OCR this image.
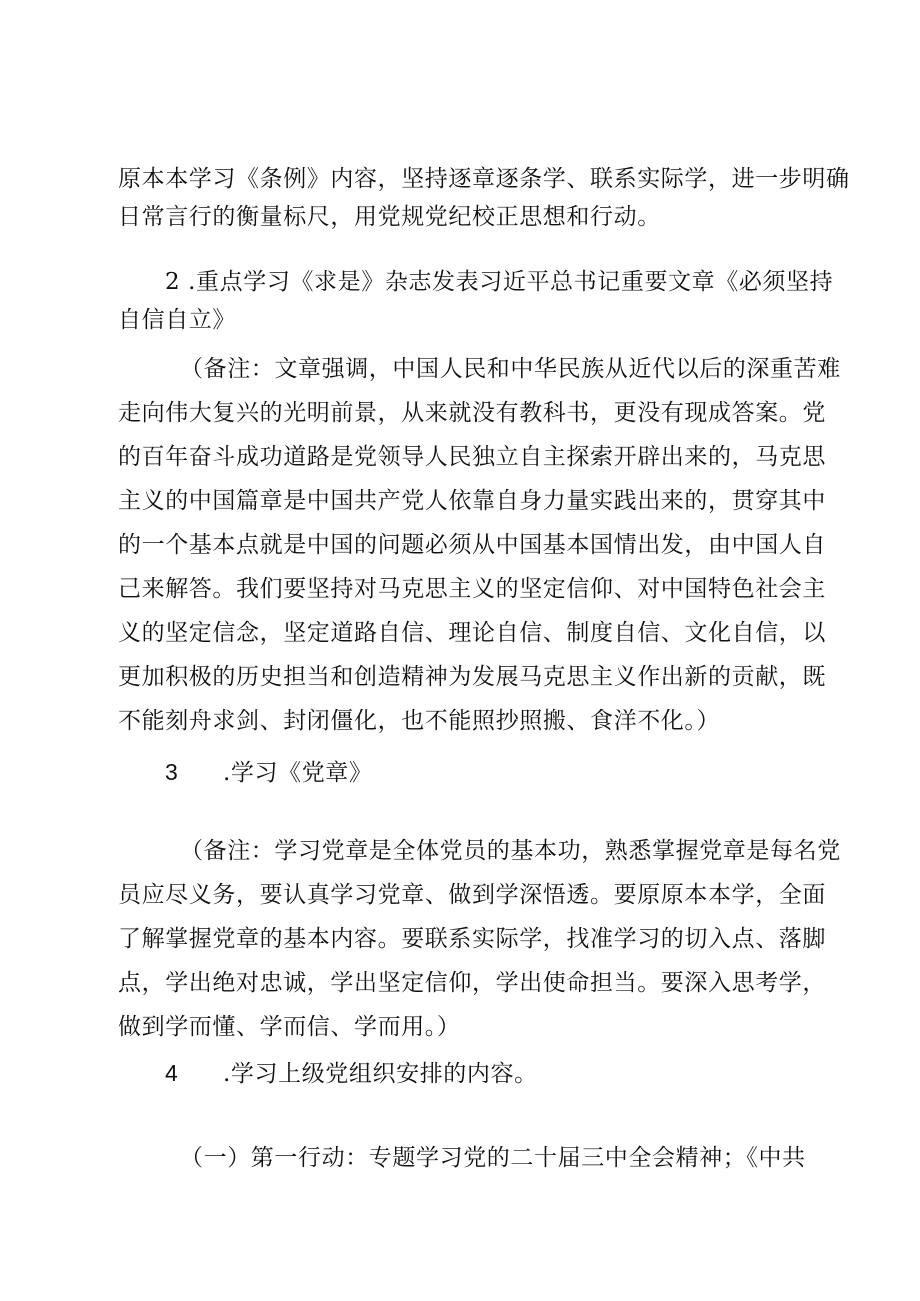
原本本学习《条例》内容，坚持逐章逐条学、联系实际学，进一步明确
日常言行的衡量标尺，用党规党纪校正思想和行动。
2 .重点学习《求是》杂志发表习近平总书记重要文章《必须坚持
自信自立》
（备注：文章强调，中国人民和中华民族从近代以后的深重苦难
走向伟大复兴的光明前景，从来就没有教科书，更没有现成答案。党
的百年奋斗成功道路是党领导人民独立自主探索开辟出来的，马克思
主义的中国篇章是中国共产党人依靠自身力量实践出来的，贯穿其中
的一个基本点就是中国的问题必须从中国基本国情出发，由中国人自
己来解答。我们要坚持对马克思主义的坚定信仰、对中国特色社会主
义的坚定信念，坚定道路自信、理论自信、制度自信、文化自信，以
更加积极的历史担当和创造精神为发展马克思主义作出新的贡献，既
不能刻舟求剑、封闭僵化，也不能照抄照搬、食洋不化。）
3 .学习《党章》
（备注：学习党章是全体党员的基本功，熟悉掌握党章是每名党
员应尽义务，要认真学习党章、做到学深悟透。要原原本本学，全面
了解掌握党章的基本内容。要联系实际学，找准学习的切入点、落脚
点，学出绝对忠诚，学出坚定信仰，学出使命担当。要深入思考学，
做到学而懂、学而信、学而用。）
4 .学习上级党组织安排的内容。
（一）第一行动：专题学习党的二十届三中全会精神；《中共
